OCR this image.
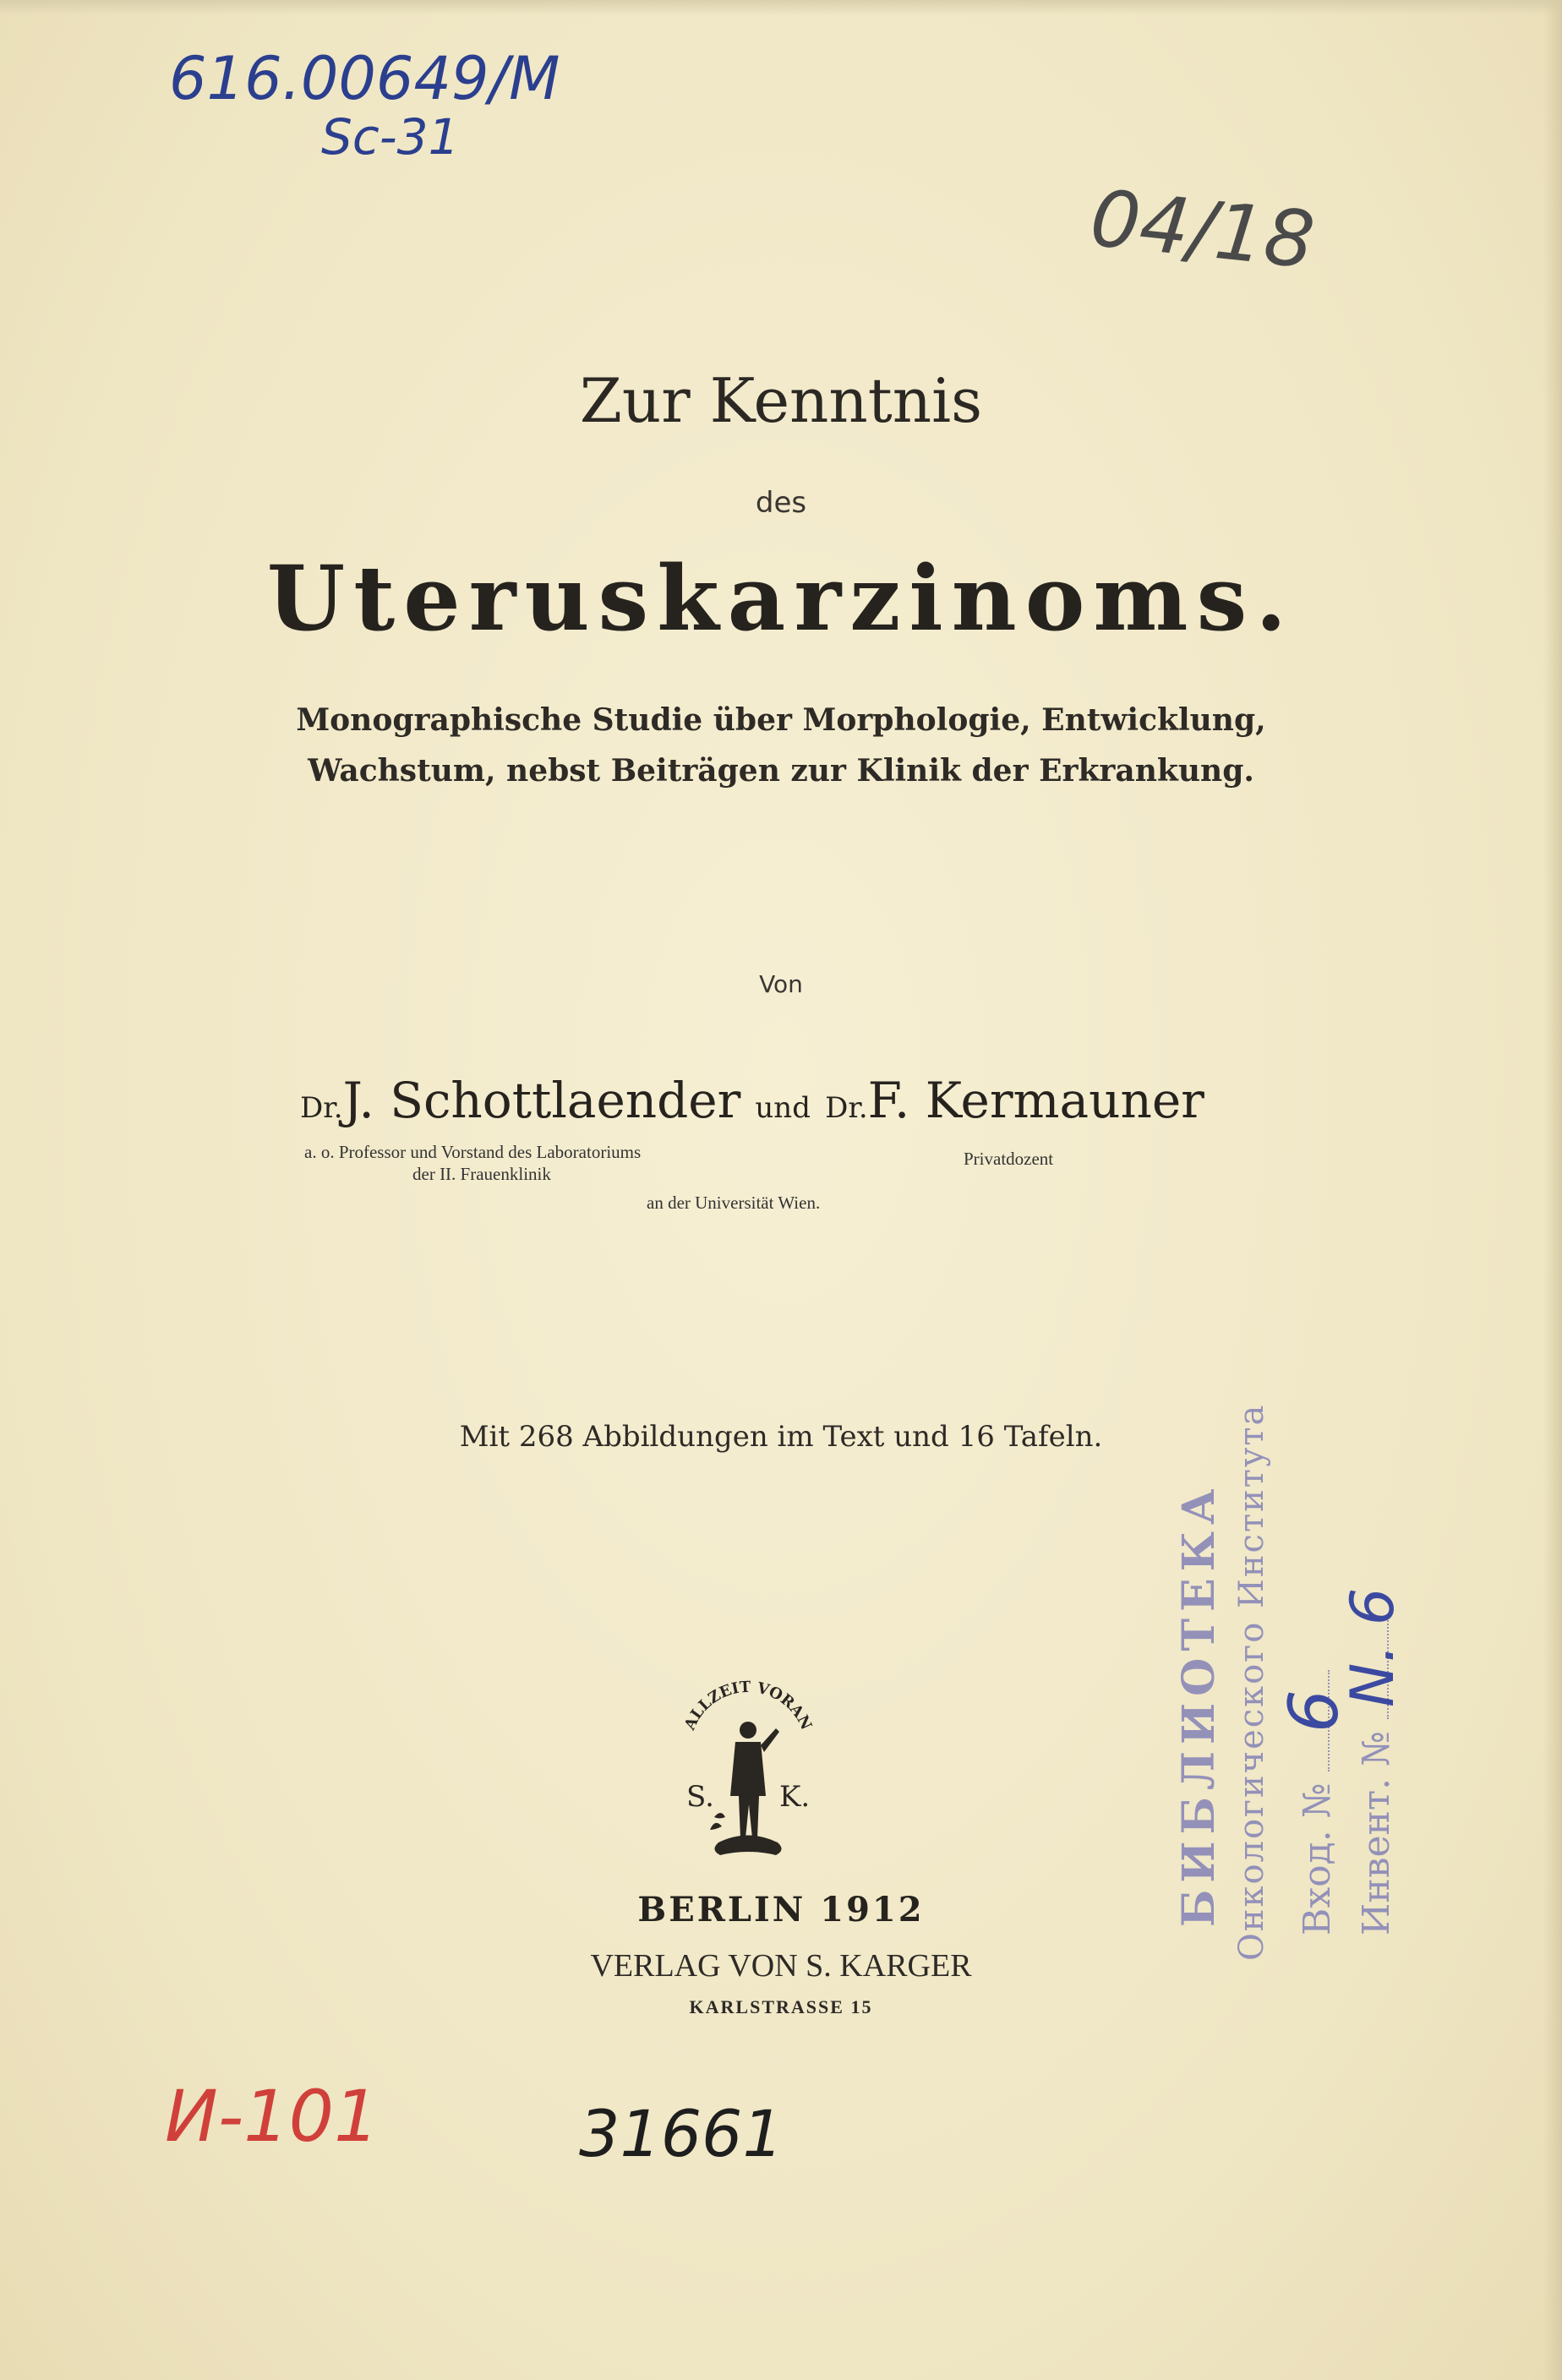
616.00649/M
Sc-31
04/18
Zur Kenntnis
des
Uteruskarzinoms.
Monographische Studie über Morphologie, Entwicklung,
Wachstum, nebst Beiträgen zur Klinik der Erkrankung.
Von
Dr.J. Schottlaender und Dr.F. Kermauner
a. o. Professor und Vorstand des Laboratoriums
der II. Frauenklinik
Privatdozent
an der Universität Wien.
Mit 268 Abbildungen im Text und 16 Tafeln.
ALLZEIT VORAN
S. K.
BERLIN 1912
VERLAG VON S. KARGER
KARLSTRASSE 15
БИБЛИОТЕКА Онкологического Института Вход. № Инвент. №
6
N. 6
И-101	31661
